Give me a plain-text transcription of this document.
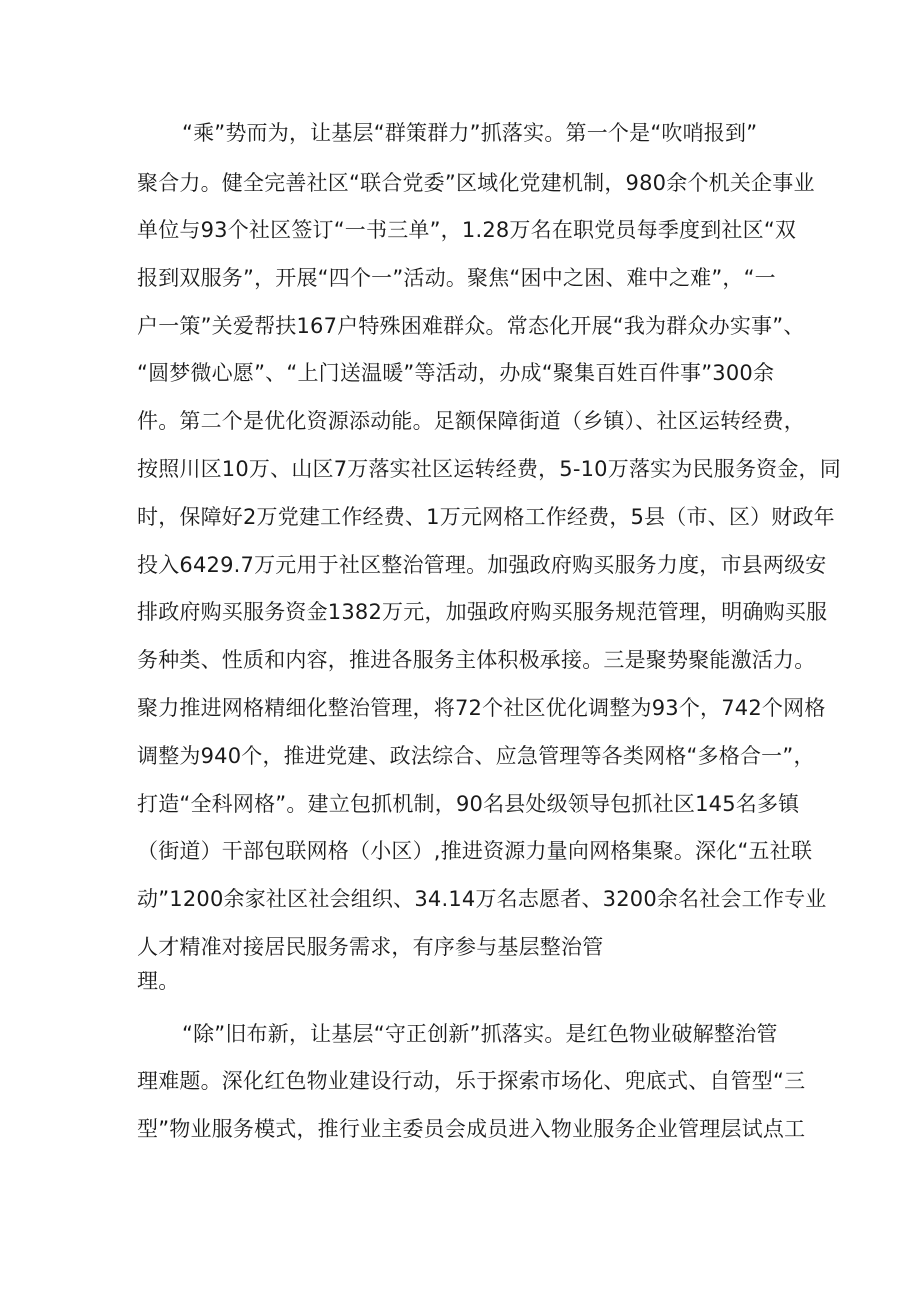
“乘”势而为，让基层“群策群力”抓落实。第一个是“吹哨报到”
聚合力。健全完善社区“联合党委”区域化党建机制，980余个机关企事业
单位与93个社区签订“一书三单”，1.28万名在职党员每季度到社区“双
报到双服务”，开展“四个一”活动。聚焦“困中之困、难中之难”，“一
户一策”关爱帮扶167户特殊困难群众。常态化开展“我为群众办实事”、
“圆梦微心愿”、“上门送温暖”等活动，办成“聚集百姓百件事”300余
件。第二个是优化资源添动能。足额保障街道（乡镇）、社区运转经费，
按照川区10万、山区7万落实社区运转经费，5-10万落实为民服务资金，同
时，保障好2万党建工作经费、1万元网格工作经费，5县（市、区）财政年
投入6429.7万元用于社区整治管理。加强政府购买服务力度，市县两级安
排政府购买服务资金1382万元，加强政府购买服务规范管理，明确购买服
务种类、性质和内容，推进各服务主体积极承接。三是聚势聚能激活力。
聚力推进网格精细化整治管理，将72个社区优化调整为93个，742个网格
调整为940个，推进党建、政法综合、应急管理等各类网格“多格合一”，
打造“全科网格”。建立包抓机制，90名县处级领导包抓社区145名多镇
（街道）干部包联网格（小区）,推进资源力量向网格集聚。深化“五社联
动”1200余家社区社会组织、34.14万名志愿者、3200余名社会工作专业
人才精准对接居民服务需求，有序参与基层整治管
理。
“除”旧布新，让基层“守正创新”抓落实。是红色物业破解整治管
理难题。深化红色物业建设行动，乐于探索市场化、兜底式、自管型“三
型”物业服务模式，推行业主委员会成员进入物业服务企业管理层试点工
